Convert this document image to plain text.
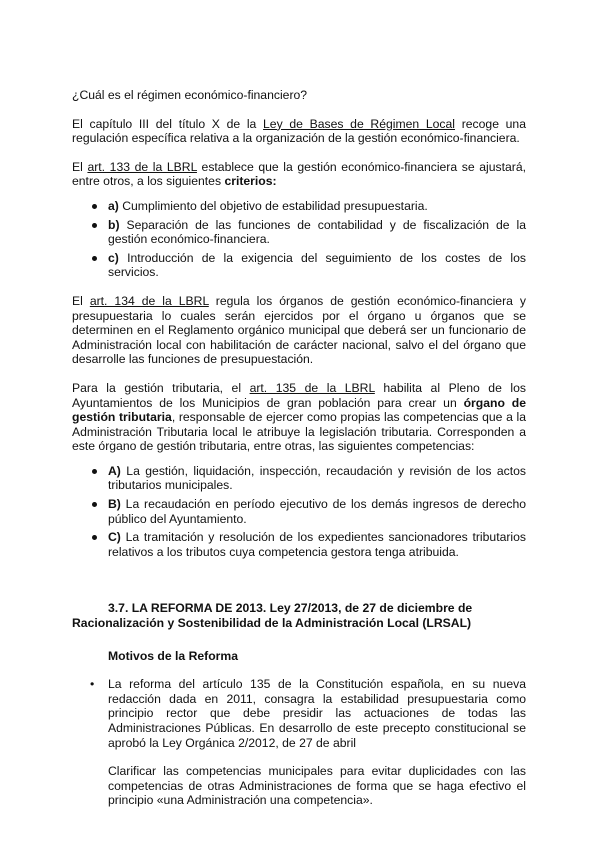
¿Cuál es el régimen económico-financiero?

El capítulo III del título X de la Ley de Bases de Régimen Local recoge una regulación específica relativa a la organización de la gestión económico-financiera.

El art. 133 de la LBRL establece que la gestión económico-financiera se ajustará, entre otros, a los siguientes criterios:

a) Cumplimiento del objetivo de estabilidad presupuestaria.
b) Separación de las funciones de contabilidad y de fiscalización de la gestión económico-financiera.
c) Introducción de la exigencia del seguimiento de los costes de los servicios.

El art. 134 de la LBRL regula los órganos de gestión económico-financiera y presupuestaria lo cuales serán ejercidos por el órgano u órganos que se determinen en el Reglamento orgánico municipal que deberá ser un funcionario de Administración local con habilitación de carácter nacional, salvo el del órgano que desarrolle las funciones de presupuestación.

Para la gestión tributaria, el art. 135 de la LBRL habilita al Pleno de los Ayuntamientos de los Municipios de gran población para crear un órgano de gestión tributaria, responsable de ejercer como propias las competencias que a la Administración Tributaria local le atribuye la legislación tributaria. Corresponden a este órgano de gestión tributaria, entre otras, las siguientes competencias:

A) La gestión, liquidación, inspección, recaudación y revisión de los actos tributarios municipales.
B) La recaudación en período ejecutivo de los demás ingresos de derecho público del Ayuntamiento.
C) La tramitación y resolución de los expedientes sancionadores tributarios relativos a los tributos cuya competencia gestora tenga atribuida.
3.7. LA REFORMA DE 2013. Ley 27/2013, de 27 de diciembre de
Racionalización y Sostenibilidad de la Administración Local (LRSAL)
Motivos de la Reforma
• La reforma del artículo 135 de la Constitución española, en su nueva redacción dada en 2011, consagra la estabilidad presupuestaria como principio rector que debe presidir las actuaciones de todas las Administraciones Públicas. En desarrollo de este precepto constitucional se aprobó la Ley Orgánica 2/2012, de 27 de abril
Clarificar las competencias municipales para evitar duplicidades con las competencias de otras Administraciones de forma que se haga efectivo el principio «una Administración una competencia».
